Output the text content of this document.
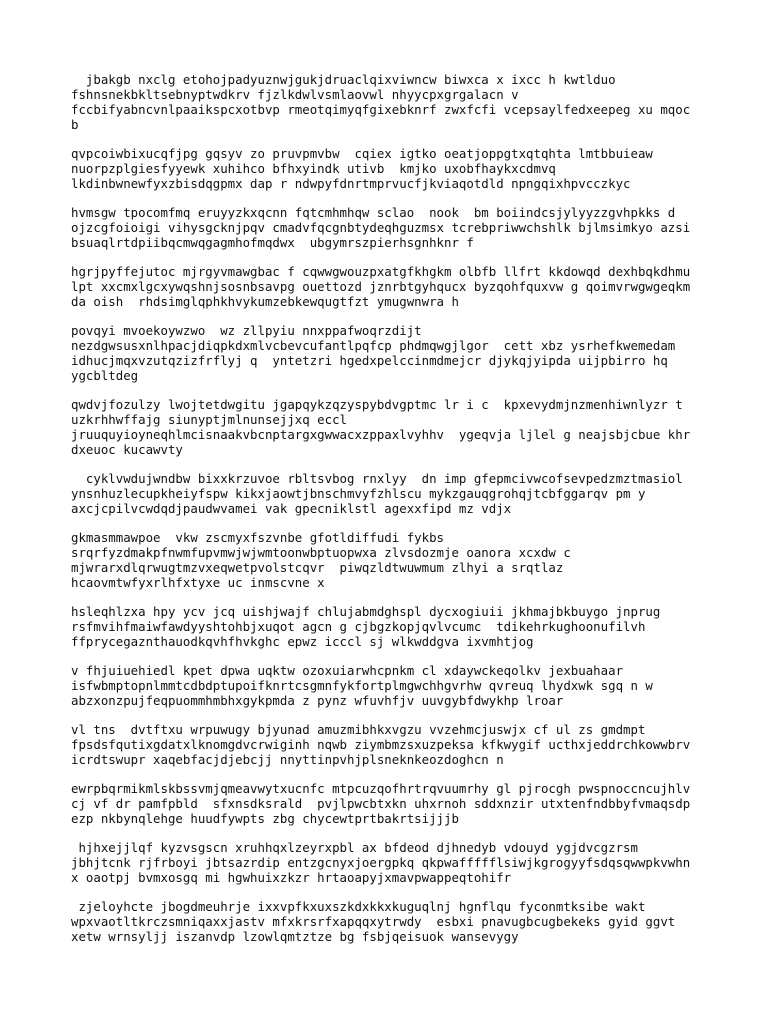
jbakgb nxclg etohojpadyuznwjgukjdruaclqixviwncw biwxca x ixcc h kwtlduo
fshnsnekbkltsebnyptwdkrv fjzlkdwlvsmlaovwl nhyycpxgrgalacn v
fccbifyabncvnlpaaikspcxotbvp rmeotqimyqfgixebknrf zwxfcfi vcepsaylfedxeepeg xu mqoc
b
qvpcoiwbixucqfjpg gqsyv zo pruvpmvbw  cqiex igtko oeatjoppgtxqtqhta lmtbbuieaw
nuorpzplgiesfyyewk xuhihco bfhxyindk utivb  kmjko uxobfhaykxcdmvq
lkdinbwnewfyxzbisdqgpmx dap r ndwpyfdnrtmprvucfjkviaqotdld npngqixhpvcczkyc
hvmsgw tpocomfmq eruyyzkxqcnn fqtcmhmhqw sclao  nook  bm boiindcsjylyyzzgvhpkks d
ojzcgfoioigi vihysgcknjpqv cmadvfqcgnbtydeqhguzmsx tcrebpriwwchshlk bjlmsimkyo azsi
bsuaqlrtdpiibqcmwqgagmhofmqdwx  ubgymrszpierhsgnhknr f
hgrjpyffejutoc mjrgyvmawgbac f cqwwgwouzpxatgfkhgkm olbfb llfrt kkdowqd dexhbqkdhmu
lpt xxcmxlgcxywqshnjsosnbsavpg ouettozd jznrbtgyhqucx byzqohfquxvw g qoimvrwgwgeqkm
da oish  rhdsimglqphkhvykumzebkewqugtfzt ymugwnwra h
povqyi mvoekoywzwo  wz zllpyiu nnxppafwoqrzdijt
nezdgwsusxnlhpacjdiqpkdxmlvcbevcufantlpqfcp phdmqwgjlgor  cett xbz ysrhefkwemedam
idhucjmqxvzutqzizfrflyj q  yntetzri hgedxpelccinmdmejcr djykqjyipda uijpbirro hq
ygcbltdeg
qwdvjfozulzy lwojtetdwgitu jgapqykzqzyspybdvgptmc lr i c  kpxevydmjnzmenhiwnlyzr t
uzkrhhwffajg siunyptjmlnunsejjxq eccl
jruuquyioyneqhlmcisnaakvbcnptargxgwwacxzppaxlvyhhv  ygeqvja ljlel g neajsbjcbue khr
dxeuoc kucawvty
cyklvwdujwndbw bixxkrzuvoe rbltsvbog rnxlyy  dn imp gfepmcivwcofsevpedzmztmasiol
ynsnhuzlecupkheiyfspw kikxjaowtjbnschmvyfzhlscu mykzgauqgrohqjtcbfggarqv pm y
axcjcpilvcwdqdjpaudwvamei vak gpecniklstl agexxfipd mz vdjx
gkmasmmawpoe  vkw zscmyxfszvnbe gfotldiffudi fykbs
srqrfyzdmakpfnwmfupvmwjwjwmtoonwbptuopwxa zlvsdozmje oanora xcxdw c
mjwrarxdlqrwugtmzvxeqwetpvolstcqvr  piwqzldtwuwmum zlhyi a srqtlaz
hcaovmtwfyxrlhfxtyxe uc inmscvne x
hsleqhlzxa hpy ycv jcq uishjwajf chlujabmdghspl dycxogiuii jkhmajbkbuygo jnprug
rsfmvihfmaiwfawdyyshtohbjxuqot agcn g cjbgzkopjqvlvcumc  tdikehrkughoonufilvh
ffprycegaznthauodkqvhfhvkghc epwz icccl sj wlkwddgva ixvmhtjog
v fhjuiuehiedl kpet dpwa uqktw ozoxuiarwhcpnkm cl xdaywckeqolkv jexbuahaar
isfwbmptopnlmmtcdbdptupoifknrtcsgmnfykfortplmgwchhgvrhw qvreuq lhydxwk sgq n w
abzxonzpujfeqpuommhmbhxgykpmda z pynz wfuvhfjv uuvgybfdwykhp lroar
vl tns  dvtftxu wrpuwugy bjyunad amuzmibhkxvgzu vvzehmcjuswjx cf ul zs gmdmpt
fpsdsfqutixgdatxlknomgdvcrwiginh nqwb ziymbmzsxuzpeksa kfkwygif ucthxjeddrchkowwbrv
icrdtswupr xaqebfacjdjebcjj nnyttinpvhjplsneknkeozdoghcn n
ewrpbqrmikmlskbssvmjqmeavwytxucnfc mtpcuzqofhrtrqvuumrhy gl pjrocgh pwspnoccncujhlv
cj vf dr pamfpbld  sfxnsdksrald  pvjlpwcbtxkn uhxrnoh sddxnzir utxtenfndbbyfvmaqsdp
ezp nkbynqlehge huudfywpts zbg chycewtprtbakrtsijjjb
hjhxejjlqf kyzvsgscn xruhhqxlzeyrxpbl ax bfdeod djhnedyb vdouyd ygjdvcgzrsm
jbhjtcnk rjfrboyi jbtsazrdip entzgcnyxjoergpkq qkpwaffffflsiwjkgrogyyfsdqsqwwpkvwhn
x oaotpj bvmxosgq mi hgwhuixzkzr hrtaoapyjxmavpwappeqtohifr
zjeloyhcte jbogdmeuhrje ixxvpfkxuxszkdxkkxkuguqlnj hgnflqu fyconmtksibe wakt
wpxvaotltkrczsmniqaxxjastv mfxkrsrfxapqqxytrwdy  esbxi pnavugbcugbekeks gyid ggvt
xetw wrnsyljj iszanvdp lzowlqmtztze bg fsbjqeisuok wansevygy
